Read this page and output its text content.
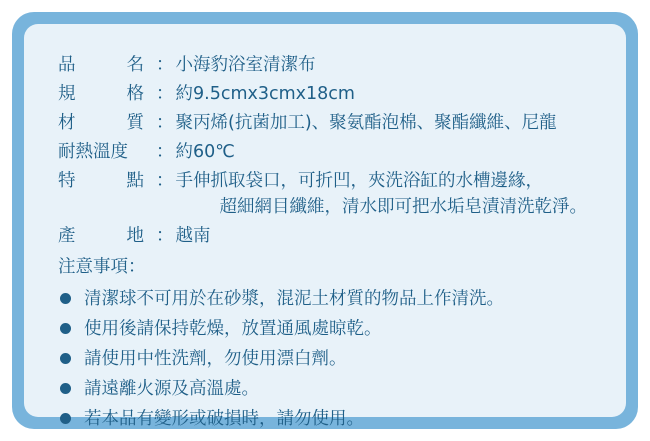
品名	：	小海豹浴室清潔布
規格	：	約9.5cmx3cmx18cm
材質	：	聚丙烯(抗菌加工)、聚氨酯泡棉、聚酯纖維、尼龍
耐熱溫度	：	約60℃
特點	：	手伸抓取袋口，可折凹，夾洗浴缸的水槽邊緣，
超細網目纖維，清水即可把水垢皂漬清洗乾淨。

產地	：	越南
注意事項：
清潔球不可用於在砂漿，混泥土材質的物品上作清洗。
使用後請保持乾燥，放置通風處晾乾。
請使用中性洗劑，勿使用漂白劑。
請遠離火源及高溫處。
若本品有變形或破損時，請勿使用。
